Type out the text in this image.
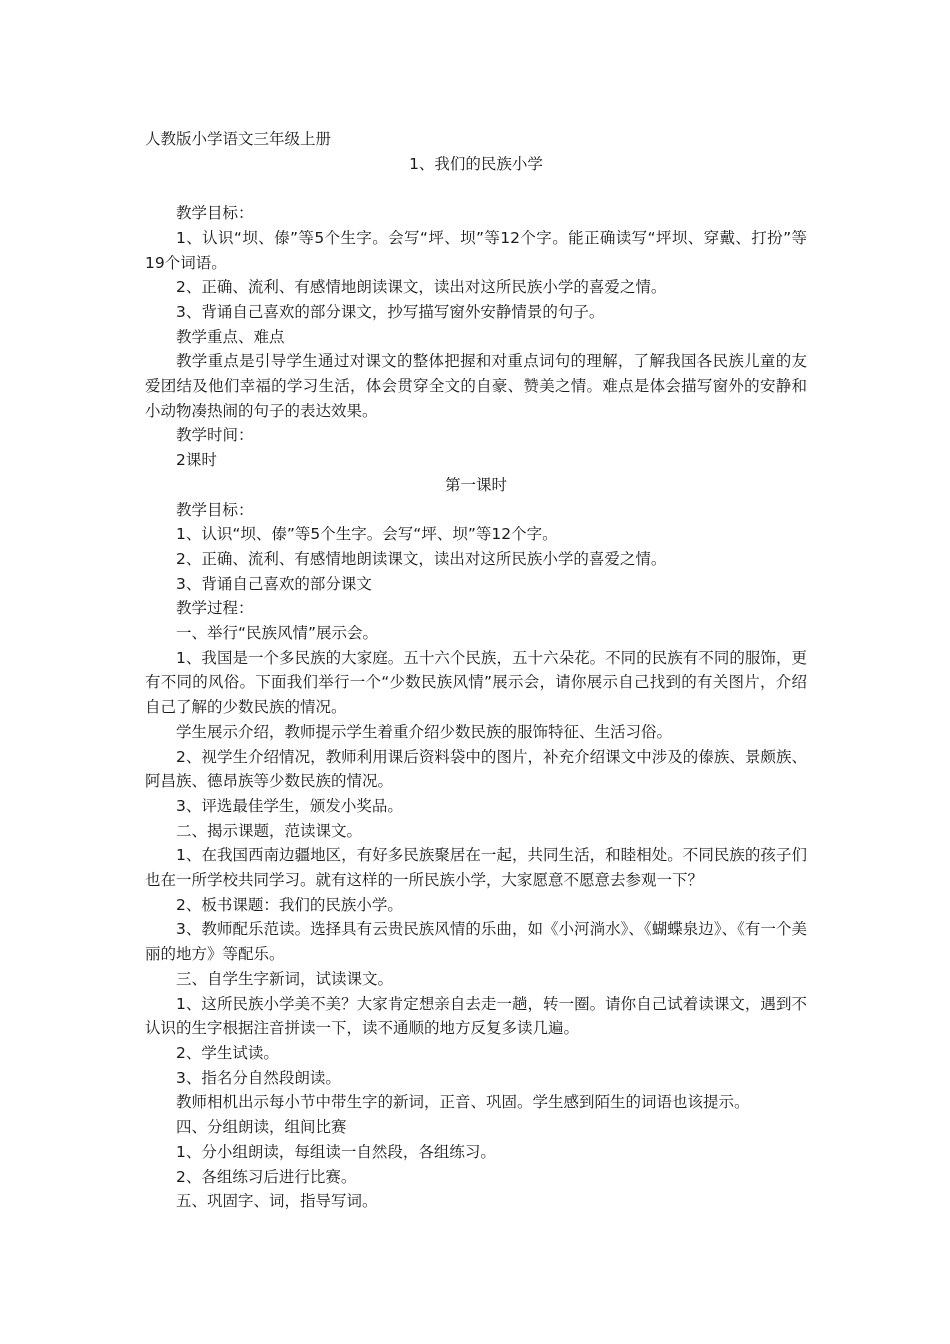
人教版小学语文三年级上册

1、我们的民族小学

教学目标：

1、认识“坝、傣”等5个生字。会写“坪、坝”等12个字。能正确读写“坪坝、穿戴、打扮”等19个词语。

2、正确、流利、有感情地朗读课文，读出对这所民族小学的喜爱之情。

3、背诵自己喜欢的部分课文，抄写描写窗外安静情景的句子。

教学重点、难点

教学重点是引导学生通过对课文的整体把握和对重点词句的理解，了解我国各民族儿童的友爱团结及他们幸福的学习生活，体会贯穿全文的自豪、赞美之情。难点是体会描写窗外的安静和小动物凑热闹的句子的表达效果。

教学时间：

2课时

第一课时

教学目标：

1、认识“坝、傣”等5个生字。会写“坪、坝”等12个字。

2、正确、流利、有感情地朗读课文，读出对这所民族小学的喜爱之情。

3、背诵自己喜欢的部分课文

教学过程：

一、举行“民族风情”展示会。

1、我国是一个多民族的大家庭。五十六个民族，五十六朵花。不同的民族有不同的服饰，更有不同的风俗。下面我们举行一个“少数民族风情”展示会，请你展示自己找到的有关图片，介绍自己了解的少数民族的情况。

学生展示介绍，教师提示学生着重介绍少数民族的服饰特征、生活习俗。

2、视学生介绍情况，教师利用课后资料袋中的图片，补充介绍课文中涉及的傣族、景颇族、阿昌族、德昂族等少数民族的情况。

3、评选最佳学生，颁发小奖品。

二、揭示课题，范读课文。

1、在我国西南边疆地区，有好多民族聚居在一起，共同生活，和睦相处。不同民族的孩子们也在一所学校共同学习。就有这样的一所民族小学，大家愿意不愿意去参观一下？

2、板书课题：我们的民族小学。

3、教师配乐范读。选择具有云贵民族风情的乐曲，如《小河淌水》、《蝴蝶泉边》、《有一个美丽的地方》等配乐。

三、自学生字新词，试读课文。

1、这所民族小学美不美？大家肯定想亲自去走一趟，转一圈。请你自己试着读课文，遇到不认识的生字根据注音拼读一下，读不通顺的地方反复多读几遍。

2、学生试读。

3、指名分自然段朗读。

教师相机出示每小节中带生字的新词，正音、巩固。学生感到陌生的词语也该提示。

四、分组朗读，组间比赛

1、分小组朗读，每组读一自然段，各组练习。

2、各组练习后进行比赛。

五、巩固字、词，指导写词。
